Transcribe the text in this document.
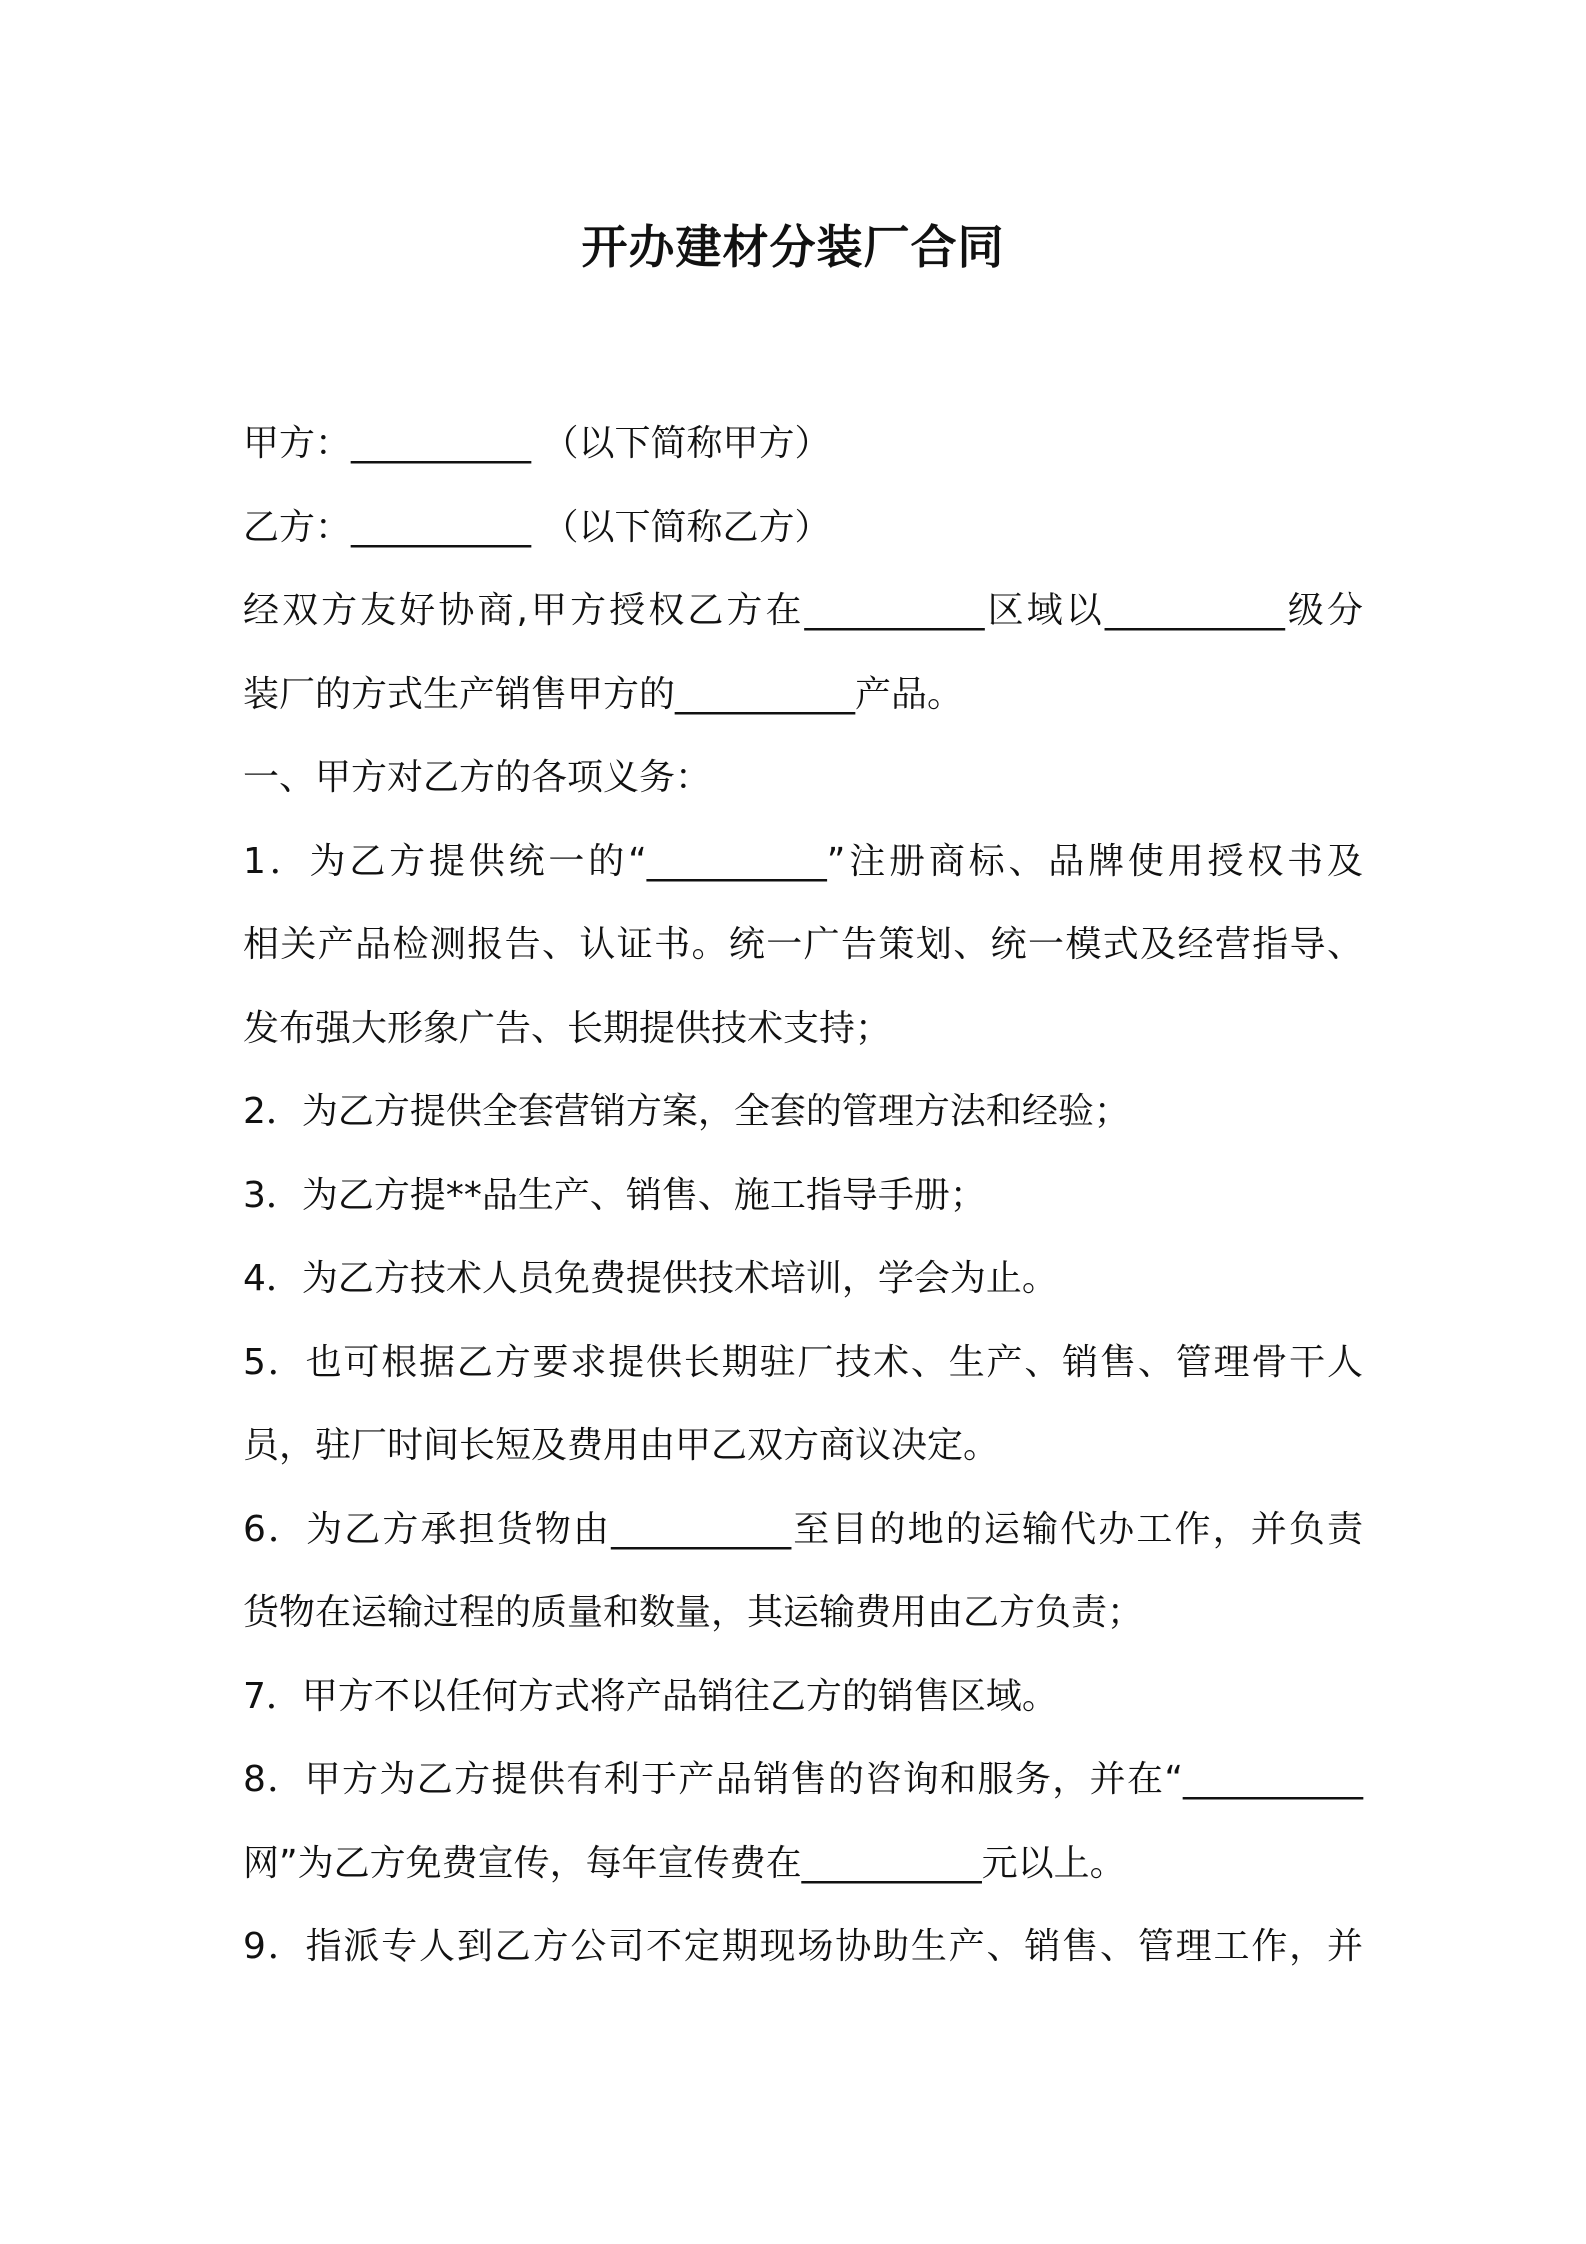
开办建材分装厂合同
甲方：__________ （以下简称甲方）
乙方：__________ （以下简称乙方）
经双方友好协商,甲方授权乙方在__________区域以__________级分
装厂的方式生产销售甲方的__________产品。
一、甲方对乙方的各项义务：
1．为乙方提供统一的“__________”注册商标、品牌使用授权书及
相关产品检测报告、认证书。统一广告策划、统一模式及经营指导、
发布强大形象广告、长期提供技术支持；
2．为乙方提供全套营销方案，全套的管理方法和经验；
3．为乙方提**品生产、销售、施工指导手册；
4．为乙方技术人员免费提供技术培训，学会为止。
5．也可根据乙方要求提供长期驻厂技术、生产、销售、管理骨干人
员，驻厂时间长短及费用由甲乙双方商议决定。
6．为乙方承担货物由__________至目的地的运输代办工作，并负责
货物在运输过程的质量和数量，其运输费用由乙方负责；
7．甲方不以任何方式将产品销往乙方的销售区域。
8．甲方为乙方提供有利于产品销售的咨询和服务，并在“__________
网”为乙方免费宣传，每年宣传费在__________元以上。
9．指派专人到乙方公司不定期现场协助生产、销售、管理工作，并
